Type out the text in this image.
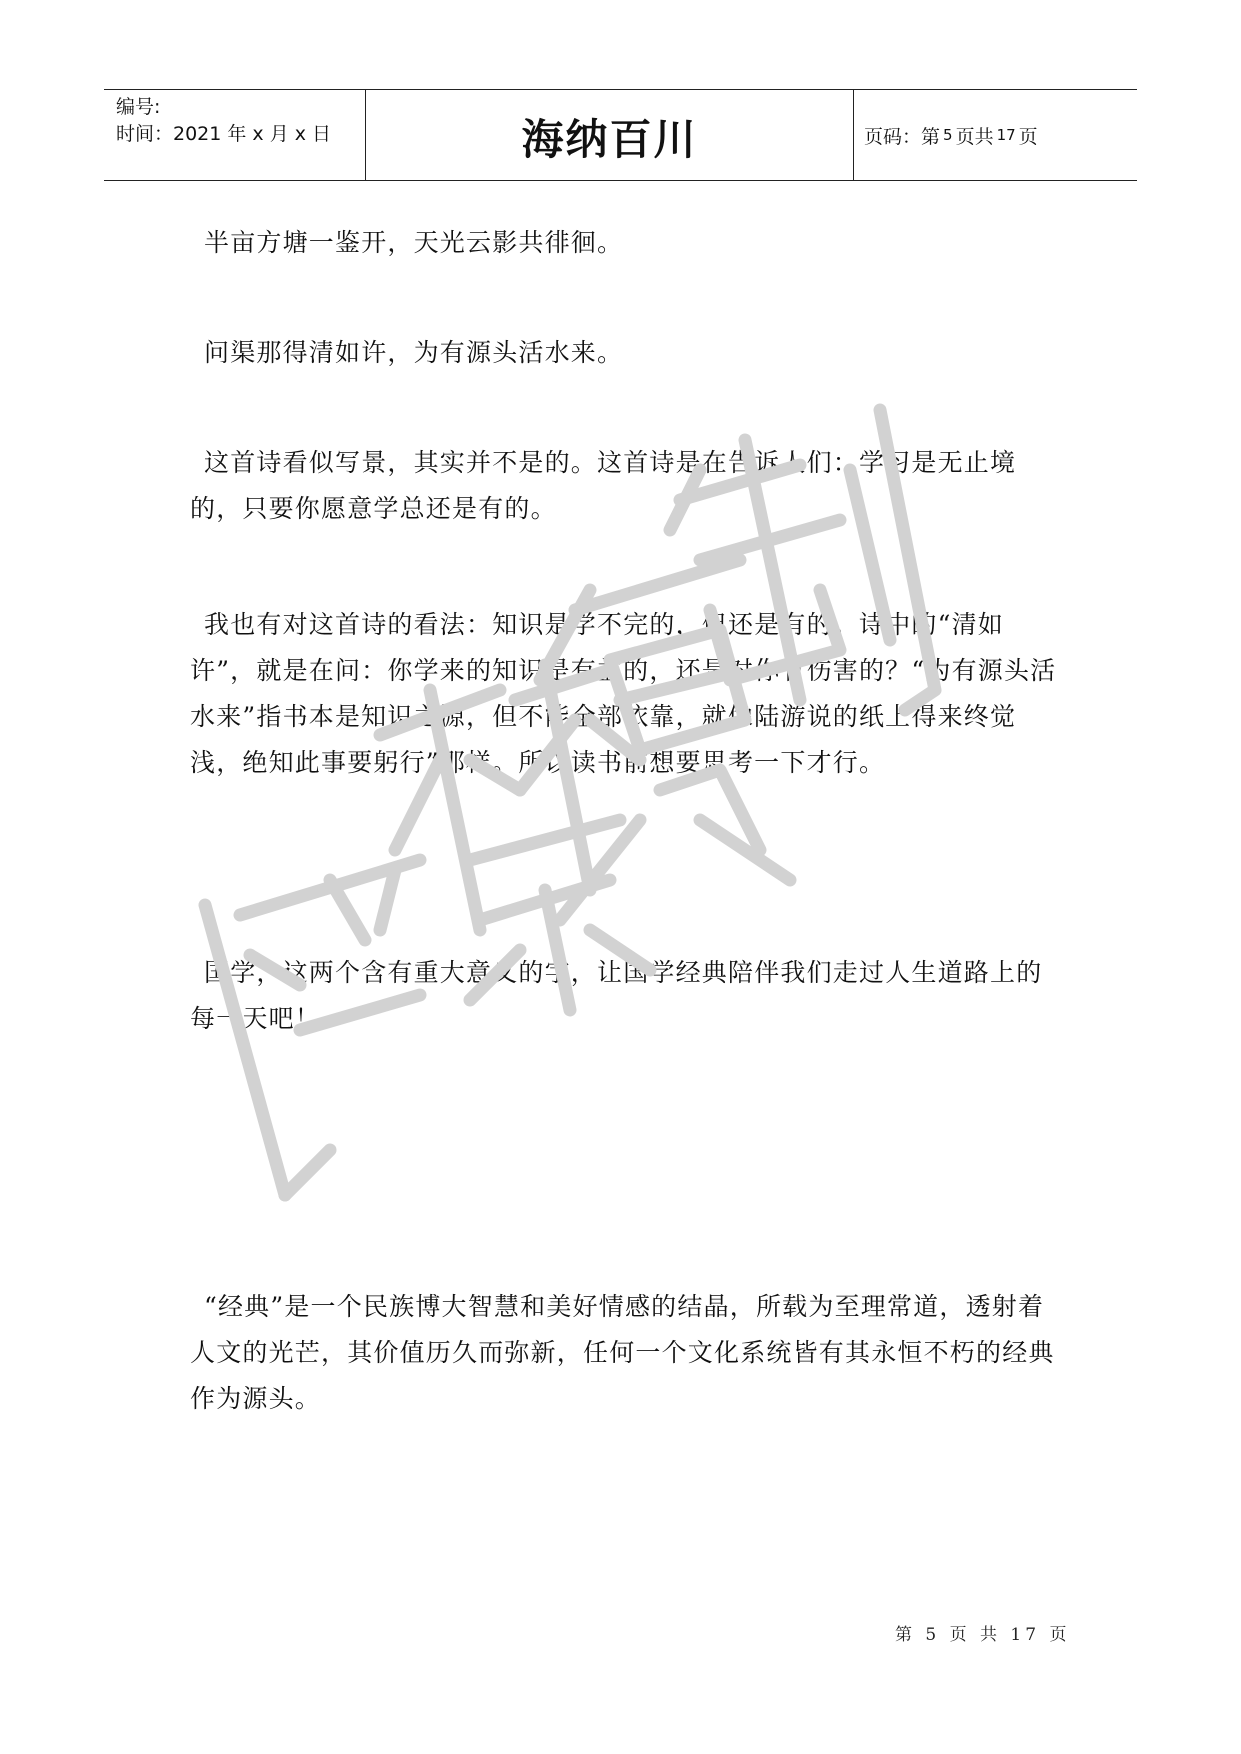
编号:
时间：2021 年 x 月 x 日	海纳百川	页码：第 5 页共 17 页

半亩方塘一鉴开，天光云影共徘徊。

问渠那得清如许，为有源头活水来。

这首诗看似写景，其实并不是的。这首诗是在告诉人们：学习是无止境的，只要你愿意学总还是有的。

我也有对这首诗的看法：知识是学不完的，但还是有的。诗中的“清如许”，就是在问：你学来的知识是有益的，还是对你有伤害的？“为有源头活水来”指书本是知识之源，但不能全部依靠，就像陆游说的纸上得来终觉浅，绝知此事要躬行”那样。所以读书前想要思考一下才行。

国学，这两个含有重大意义的字，让国学经典陪伴我们走过人生道路上的每一天吧！

“经典”是一个民族博大智慧和美好情感的结晶，所载为至理常道，透射着人文的光芒，其价值历久而弥新，任何一个文化系统皆有其永恒不朽的经典作为源头。

第 5 页 共 17 页
